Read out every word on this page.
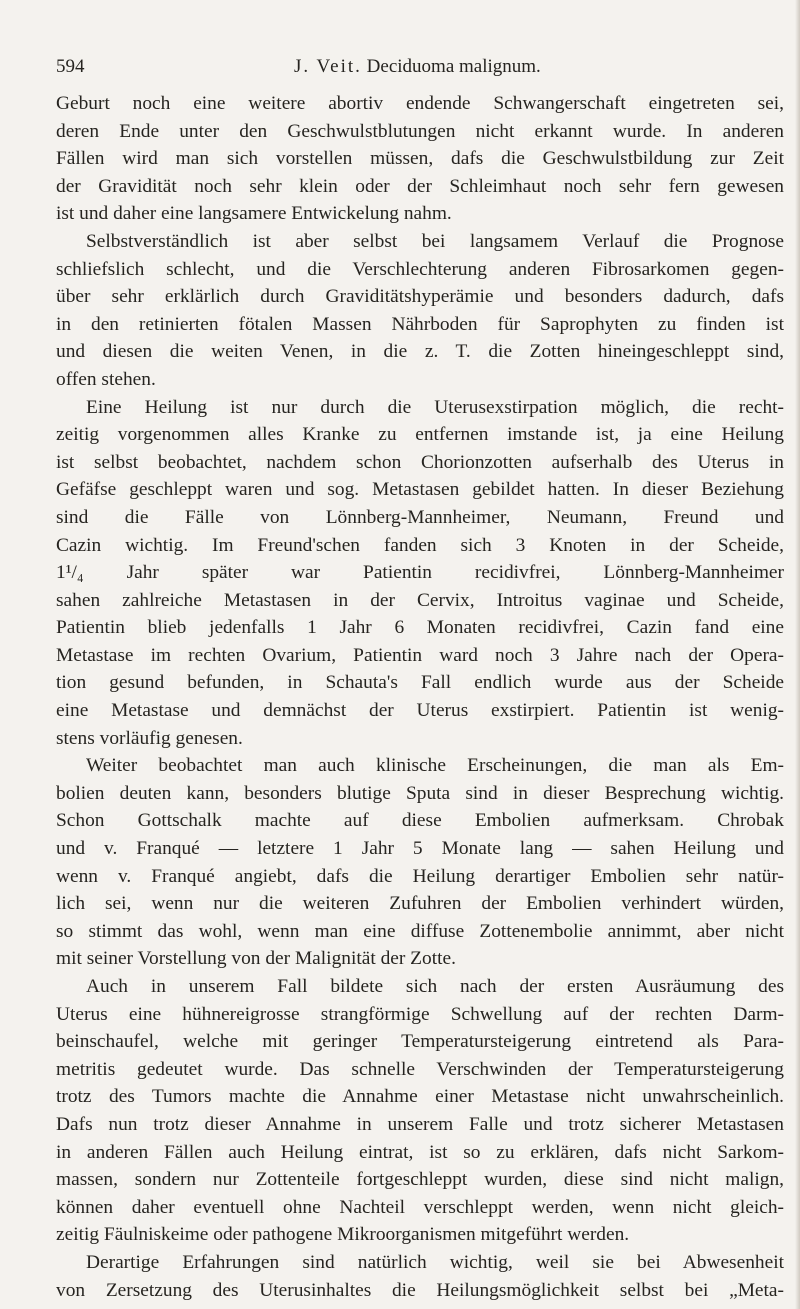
594	J. Veit. Deciduoma malignum.
Geburt noch eine weitere abortiv endende Schwangerschaft eingetreten sei,
deren Ende unter den Geschwulstblutungen nicht erkannt wurde. In anderen
Fällen wird man sich vorstellen müssen, dafs die Geschwulstbildung zur Zeit
der Gravidität noch sehr klein oder der Schleimhaut noch sehr fern gewesen
ist und daher eine langsamere Entwickelung nahm.
Selbstverständlich ist aber selbst bei langsamem Verlauf die Prognose
schliefslich schlecht, und die Verschlechterung anderen Fibrosarkomen gegen-
über sehr erklärlich durch Graviditätshyperämie und besonders dadurch, dafs
in den retinierten fötalen Massen Nährboden für Saprophyten zu finden ist
und diesen die weiten Venen, in die z. T. die Zotten hineingeschleppt sind,
offen stehen.
Eine Heilung ist nur durch die Uterusexstirpation möglich, die recht-
zeitig vorgenommen alles Kranke zu entfernen imstande ist, ja eine Heilung
ist selbst beobachtet, nachdem schon Chorionzotten aufserhalb des Uterus in
Gefäfse geschleppt waren und sog. Metastasen gebildet hatten. In dieser Beziehung
sind die Fälle von Lönnberg-Mannheimer, Neumann, Freund und
Cazin wichtig. Im Freund'schen fanden sich 3 Knoten in der Scheide,
1¹/₄ Jahr später war Patientin recidivfrei, Lönnberg-Mannheimer
sahen zahlreiche Metastasen in der Cervix, Introitus vaginae und Scheide,
Patientin blieb jedenfalls 1 Jahr 6 Monaten recidivfrei, Cazin fand eine
Metastase im rechten Ovarium, Patientin ward noch 3 Jahre nach der Opera-
tion gesund befunden, in Schauta's Fall endlich wurde aus der Scheide
eine Metastase und demnächst der Uterus exstirpiert. Patientin ist wenig-
stens vorläufig genesen.
Weiter beobachtet man auch klinische Erscheinungen, die man als Em-
bolien deuten kann, besonders blutige Sputa sind in dieser Besprechung wichtig.
Schon Gottschalk machte auf diese Embolien aufmerksam. Chrobak
und v. Franqué — letztere 1 Jahr 5 Monate lang — sahen Heilung und
wenn v. Franqué angiebt, dafs die Heilung derartiger Embolien sehr natür-
lich sei, wenn nur die weiteren Zufuhren der Embolien verhindert würden,
so stimmt das wohl, wenn man eine diffuse Zottenembolie annimmt, aber nicht
mit seiner Vorstellung von der Malignität der Zotte.
Auch in unserem Fall bildete sich nach der ersten Ausräumung des
Uterus eine hühnereigrosse strangförmige Schwellung auf der rechten Darm-
beinschaufel, welche mit geringer Temperatursteigerung eintretend als Para-
metritis gedeutet wurde. Das schnelle Verschwinden der Temperatursteigerung
trotz des Tumors machte die Annahme einer Metastase nicht unwahrscheinlich.
Dafs nun trotz dieser Annahme in unserem Falle und trotz sicherer Metastasen
in anderen Fällen auch Heilung eintrat, ist so zu erklären, dafs nicht Sarkom-
massen, sondern nur Zottenteile fortgeschleppt wurden, diese sind nicht malign,
können daher eventuell ohne Nachteil verschleppt werden, wenn nicht gleich-
zeitig Fäulniskeime oder pathogene Mikroorganismen mitgeführt werden.
Derartige Erfahrungen sind natürlich wichtig, weil sie bei Abwesenheit
von Zersetzung des Uterusinhaltes die Heilungsmöglichkeit selbst bei „Meta-
